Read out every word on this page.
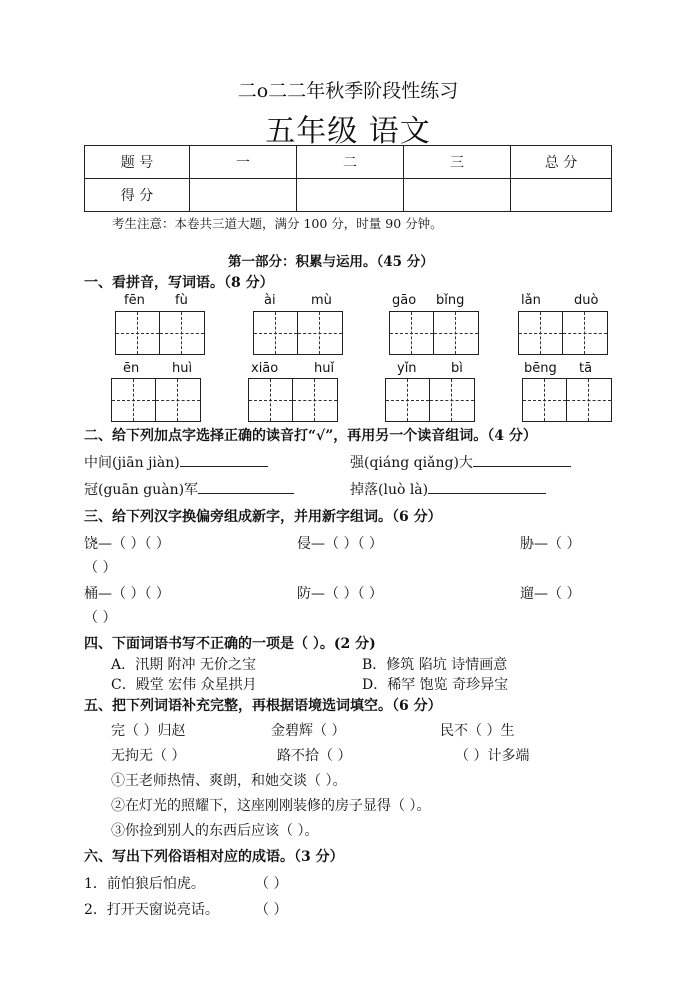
二o二二年秋季阶段性练习
五年级 语文
题 号	一	二	三	总 分
得 分				
考生注意：本卷共三道大题，满分 100 分，时量 90 分钟。
第一部分：积累与运用。（45 分）
一、看拼音，写词语。（8 分）
fēn fù	ài	mù	gāo bǐng	lǎn	duò
ēn	huì	xiāo	huǐ	yǐn	bì	bēng tā
二、给下列加点字选择正确的读音打“√”，再用另一个读音组词。（4 分）
中间(jiān jiàn)	强(qiáng qiǎng)大
冠(guān guàn)军	掉落(luò là)
三、给下列汉字换偏旁组成新字，并用新字组词。（6 分）
饶—（ ）（ ）	侵—（ ）（ ）	胁—（ ）
（ ）
桶—（ ）（ ）	防—（ ）（ ）	遛—（ ）
（ ）
四、下面词语书写不正确的一项是（ ）。(2 分)
A．汛期 附冲 无价之宝	B．修筑 陷坑 诗情画意
C．殿堂 宏伟 众星拱月	D．稀罕 饱览 奇珍异宝
五、把下列词语补充完整，再根据语境选词填空。（6 分）
完（ ）归赵	金碧辉（ ）	民不（ ）生
无拘无（ ）	路不拾（ ）	（ ）计多端
①王老师热情、爽朗，和她交谈（ ）。
②在灯光的照耀下，这座刚刚装修的房子显得（ ）。
③你捡到别人的东西后应该（ ）。
六、写出下列俗语相对应的成语。（3 分）
1．前怕狼后怕虎。	（ ）
2．打开天窗说亮话。	（ ）
